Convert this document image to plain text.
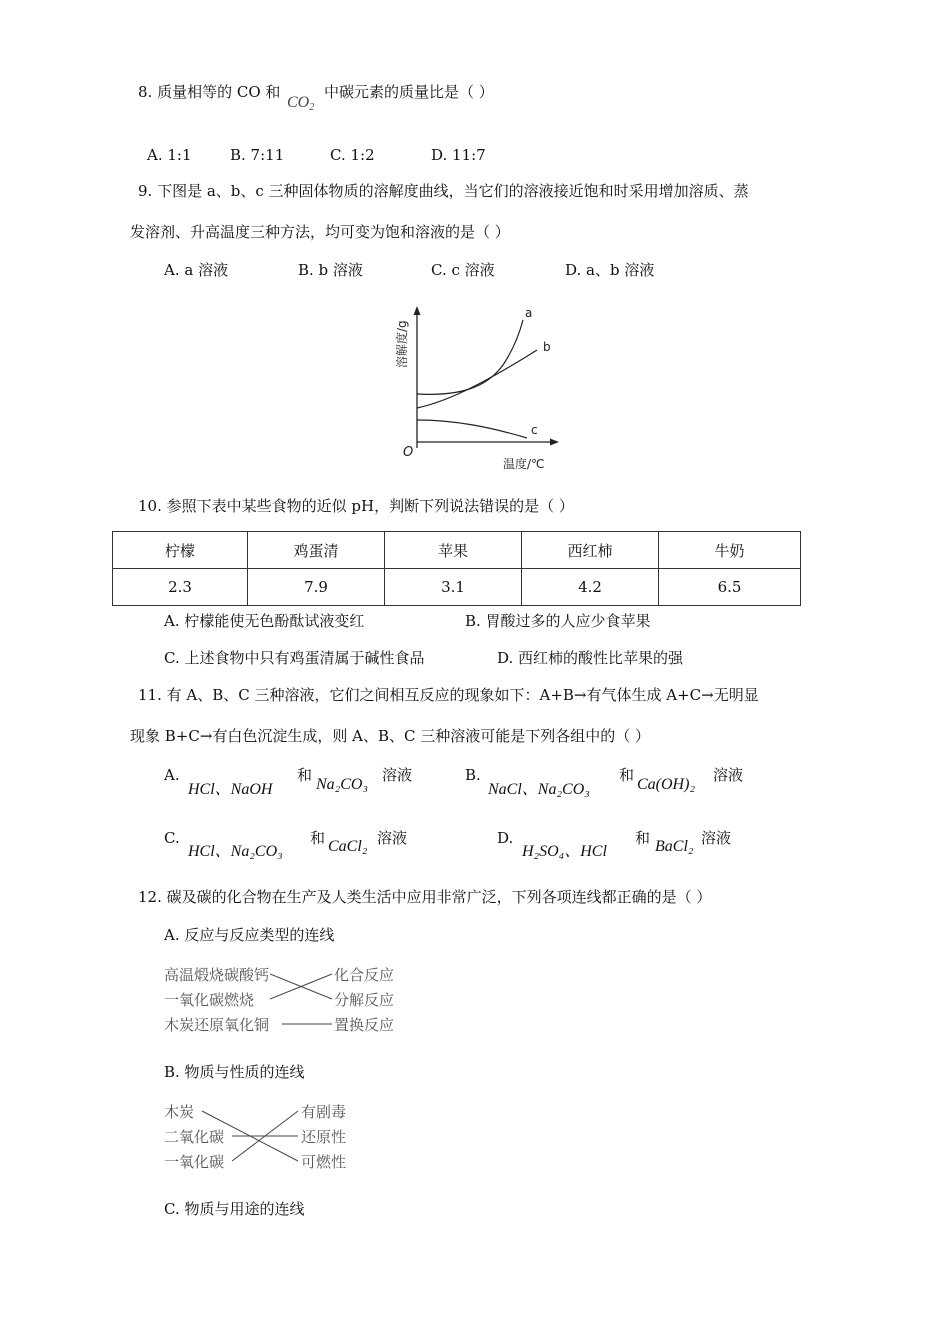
8. 质量相等的 CO 和
$CO_2$
中碳元素的质量比是（ ）
A. 1:1	B. 7:11	C. 1:2	D. 11:7
9. 下图是 a、b、c 三种固体物质的溶解度曲线，当它们的溶液接近饱和时采用增加溶质、蒸
发溶剂、升高温度三种方法，均可变为饱和溶液的是（ ）
A. a 溶液	B. b 溶液	C. c 溶液	D. a、b 溶液
a
b
c
O
溶解度/g
温度/℃
10. 参照下表中某些食物的近似 pH，判断下列说法错误的是（ ）
柠檬	鸡蛋清	苹果	西红柿	牛奶
2.3	7.9	3.1	4.2	6.5
A. 柠檬能使无色酚酞试液变红	B. 胃酸过多的人应少食苹果
C. 上述食物中只有鸡蛋清属于碱性食品	D. 西红柿的酸性比苹果的强
11. 有 A、B、C 三种溶液，它们之间相互反应的现象如下：A+B→有气体生成 A+C→无明显
现象 B+C→有白色沉淀生成，则 A、B、C 三种溶液可能是下列各组中的（ ）
A.
HCl、NaOH
和
Na₂CO₃
溶液	B.
NaCl、Na₂CO₃
和
Ca(OH)₂
溶液
C.
HCl、Na₂CO₃
和 CaCl₂ 溶液	D.
H₂SO₄、HCl
和 BaCl₂ 溶液
12. 碳及碳的化合物在生产及人类生活中应用非常广泛，下列各项连线都正确的是（ ）
A. 反应与反应类型的连线
高温煅烧碳酸钙
一氧化碳燃烧
木炭还原氧化铜
化合反应
分解反应
置换反应
B. 物质与性质的连线
木炭
二氧化碳
一氧化碳
有剧毒
还原性
可燃性
C. 物质与用途的连线
